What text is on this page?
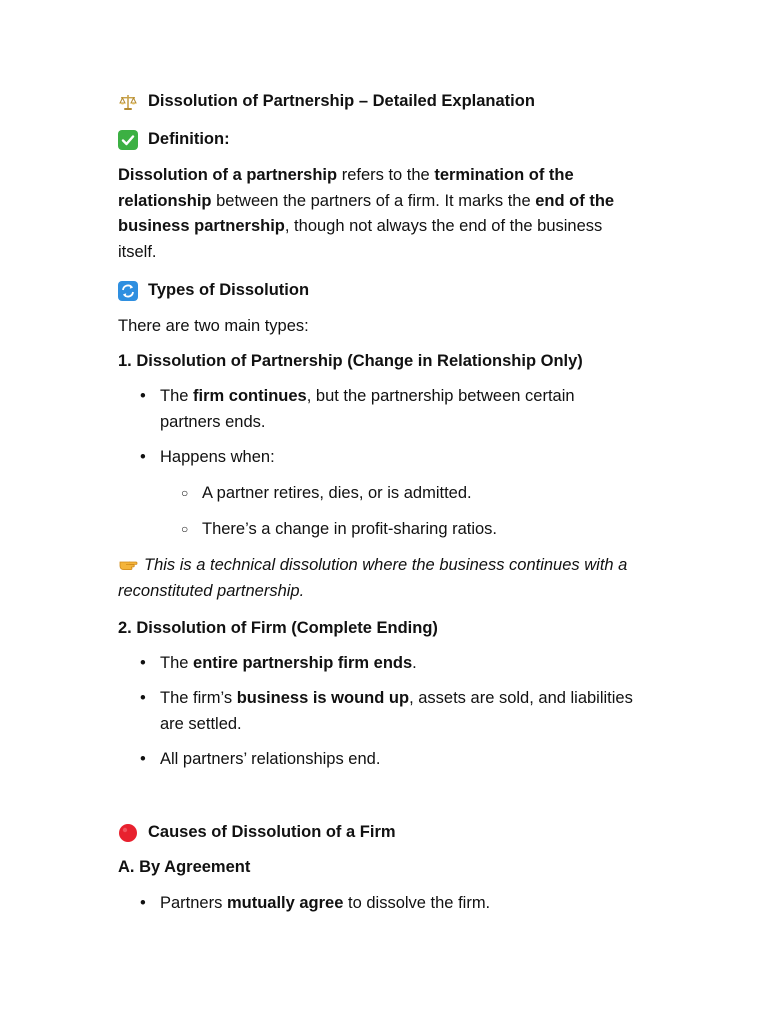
Dissolution of Partnership – Detailed Explanation
Definition:
Dissolution of a partnership refers to the termination of the relationship between the partners of a firm. It marks the end of the business partnership, though not always the end of the business itself.
Types of Dissolution
There are two main types:
1. Dissolution of Partnership (Change in Relationship Only)
• The firm continues, but the partnership between certain partners ends.
• Happens when:
○ A partner retires, dies, or is admitted.
○ There’s a change in profit-sharing ratios.
This is a technical dissolution where the business continues with a reconstituted partnership.
2. Dissolution of Firm (Complete Ending)
• The entire partnership firm ends.
• The firm’s business is wound up, assets are sold, and liabilities are settled.
• All partners’ relationships end.
Causes of Dissolution of a Firm
A. By Agreement
• Partners mutually agree to dissolve the firm.
